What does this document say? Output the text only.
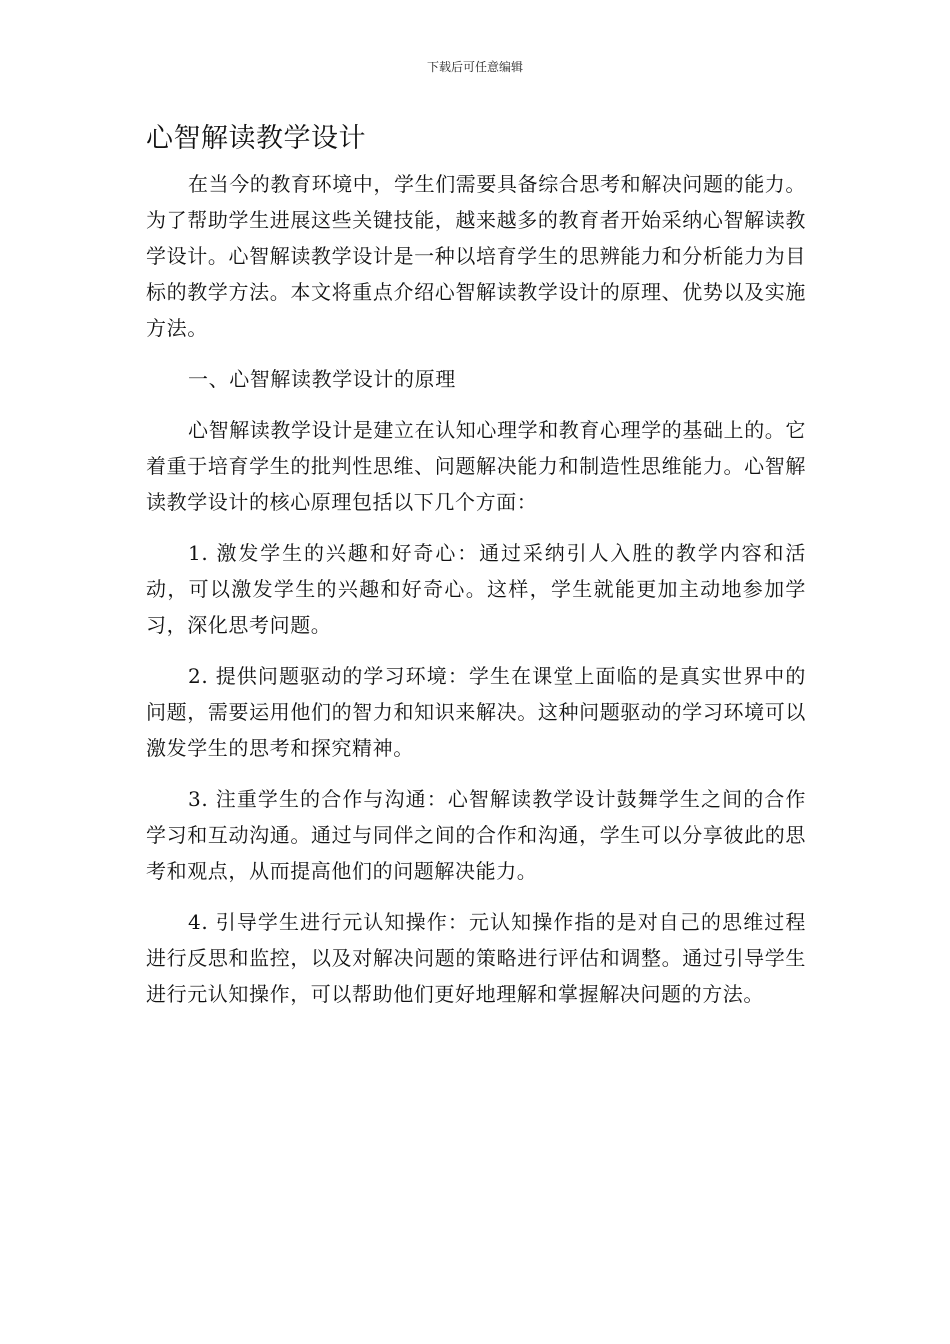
下载后可任意编辑
心智解读教学设计

在当今的教育环境中，学生们需要具备综合思考和解决问题的能力。为了帮助学生进展这些关键技能，越来越多的教育者开始采纳心智解读教学设计。心智解读教学设计是一种以培育学生的思辨能力和分析能力为目标的教学方法。本文将重点介绍心智解读教学设计的原理、优势以及实施方法。

一、心智解读教学设计的原理

心智解读教学设计是建立在认知心理学和教育心理学的基础上的。它着重于培育学生的批判性思维、问题解决能力和制造性思维能力。心智解读教学设计的核心原理包括以下几个方面：

1. 激发学生的兴趣和好奇心：通过采纳引人入胜的教学内容和活动，可以激发学生的兴趣和好奇心。这样，学生就能更加主动地参加学习，深化思考问题。

2. 提供问题驱动的学习环境：学生在课堂上面临的是真实世界中的问题，需要运用他们的智力和知识来解决。这种问题驱动的学习环境可以激发学生的思考和探究精神。

3. 注重学生的合作与沟通：心智解读教学设计鼓舞学生之间的合作学习和互动沟通。通过与同伴之间的合作和沟通，学生可以分享彼此的思考和观点，从而提高他们的问题解决能力。

4. 引导学生进行元认知操作：元认知操作指的是对自己的思维过程进行反思和监控，以及对解决问题的策略进行评估和调整。通过引导学生进行元认知操作，可以帮助他们更好地理解和掌握解决问题的方法。
